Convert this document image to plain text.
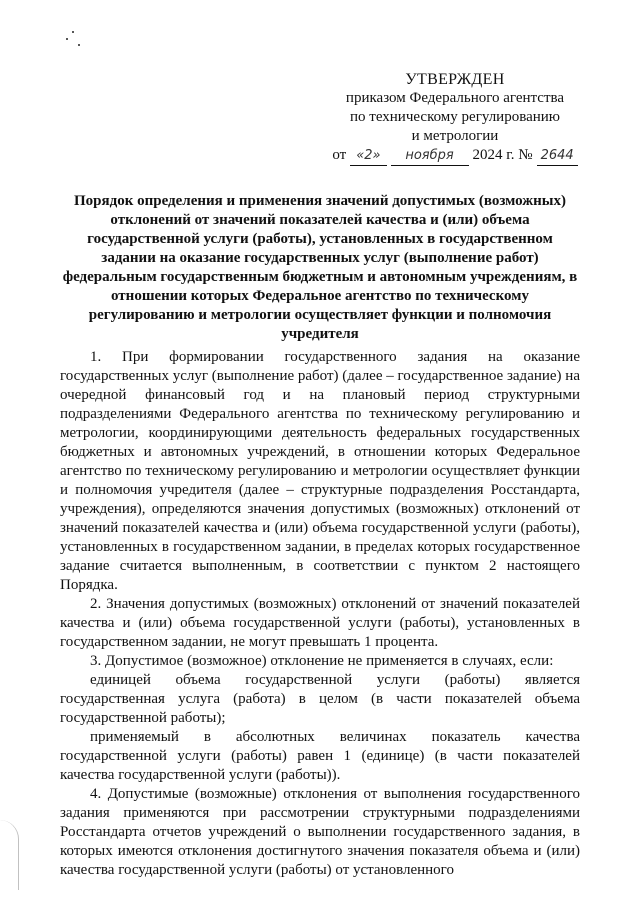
УТВЕРЖДЕН
приказом Федерального агентства
по техническому регулированию
и метрологии
от «2»	ноября	2024 г. № 2644
Порядок определения и применения значений допустимых (возможных) отклонений от значений показателей качества и (или) объема государственной услуги (работы), установленных в государственном задании на оказание государственных услуг (выполнение работ) федеральным государственным бюджетным и автономным учреждениям, в отношении которых Федеральное агентство по техническому регулированию и метрологии осуществляет функции и полномочия учредителя

1. При формировании государственного задания на оказание государственных услуг (выполнение работ) (далее – государственное задание) на очередной финансовый год и на плановый период структурными подразделениями Федерального агентства по техническому регулированию и метрологии, координирующими деятельность федеральных государственных бюджетных и автономных учреждений, в отношении которых Федеральное агентство по техническому регулированию и метрологии осуществляет функции и полномочия учредителя (далее – структурные подразделения Росстандарта, учреждения), определяются значения допустимых (возможных) отклонений от значений показателей качества и (или) объема государственной услуги (работы), установленных в государственном задании, в пределах которых государственное задание считается выполненным, в соответствии с пунктом 2 настоящего Порядка.

2. Значения допустимых (возможных) отклонений от значений показателей качества и (или) объема государственной услуги (работы), установленных в государственном задании, не могут превышать 1 процента.

3. Допустимое (возможное) отклонение не применяется в случаях, если:

единицей объема государственной услуги (работы) является государственная услуга (работа) в целом (в части показателей объема государственной работы);

применяемый в абсолютных величинах показатель качества государственной услуги (работы) равен 1 (единице) (в части показателей качества государственной услуги (работы)).

4. Допустимые (возможные) отклонения от выполнения государственного задания применяются при рассмотрении структурными подразделениями Росстандарта отчетов учреждений о выполнении государственного задания, в которых имеются отклонения достигнутого значения показателя объема и (или) качества государственной услуги (работы) от установленного
